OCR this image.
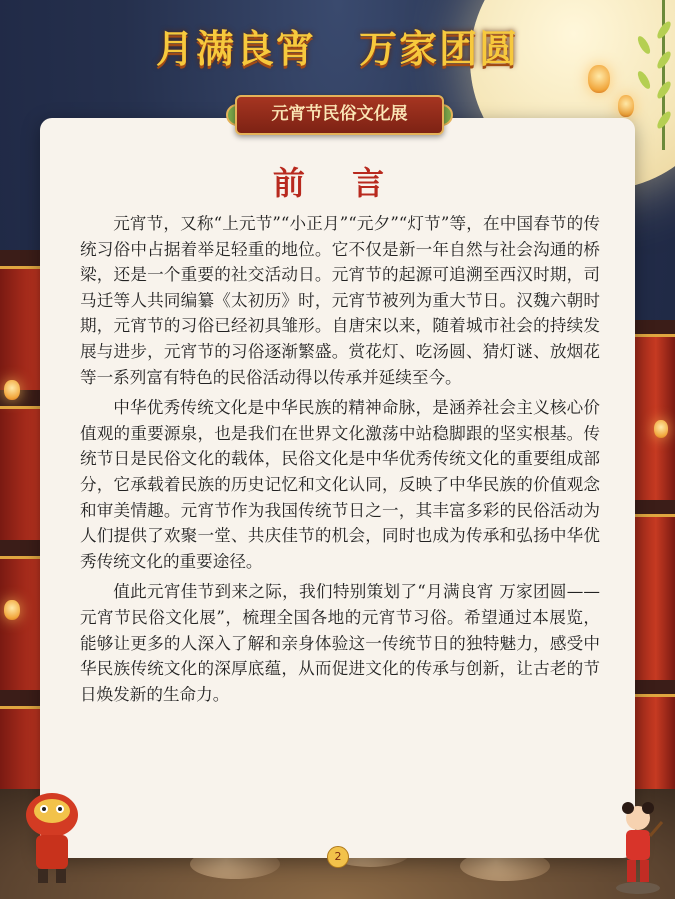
月满良宵 万家团圆
元宵节民俗文化展
前 言

元宵节，又称“上元节”“小正月”“元夕”“灯节”等，在中国春节的传统习俗中占据着举足轻重的地位。它不仅是新一年自然与社会沟通的桥梁，还是一个重要的社交活动日。元宵节的起源可追溯至西汉时期，司马迁等人共同编纂《太初历》时，元宵节被列为重大节日。汉魏六朝时期，元宵节的习俗已经初具雏形。自唐宋以来，随着城市社会的持续发展与进步，元宵节的习俗逐渐繁盛。赏花灯、吃汤圆、猜灯谜、放烟花等一系列富有特色的民俗活动得以传承并延续至今。

中华优秀传统文化是中华民族的精神命脉，是涵养社会主义核心价值观的重要源泉，也是我们在世界文化激荡中站稳脚跟的坚实根基。传统节日是民俗文化的载体，民俗文化是中华优秀传统文化的重要组成部分，它承载着民族的历史记忆和文化认同，反映了中华民族的价值观念和审美情趣。元宵节作为我国传统节日之一，其丰富多彩的民俗活动为人们提供了欢聚一堂、共庆佳节的机会，同时也成为传承和弘扬中华优秀传统文化的重要途径。

值此元宵佳节到来之际，我们特别策划了“月满良宵 万家团圆——元宵节民俗文化展”，梳理全国各地的元宵节习俗。希望通过本展览，能够让更多的人深入了解和亲身体验这一传统节日的独特魅力，感受中华民族传统文化的深厚底蕴，从而促进文化的传承与创新，让古老的节日焕发新的生命力。

2
